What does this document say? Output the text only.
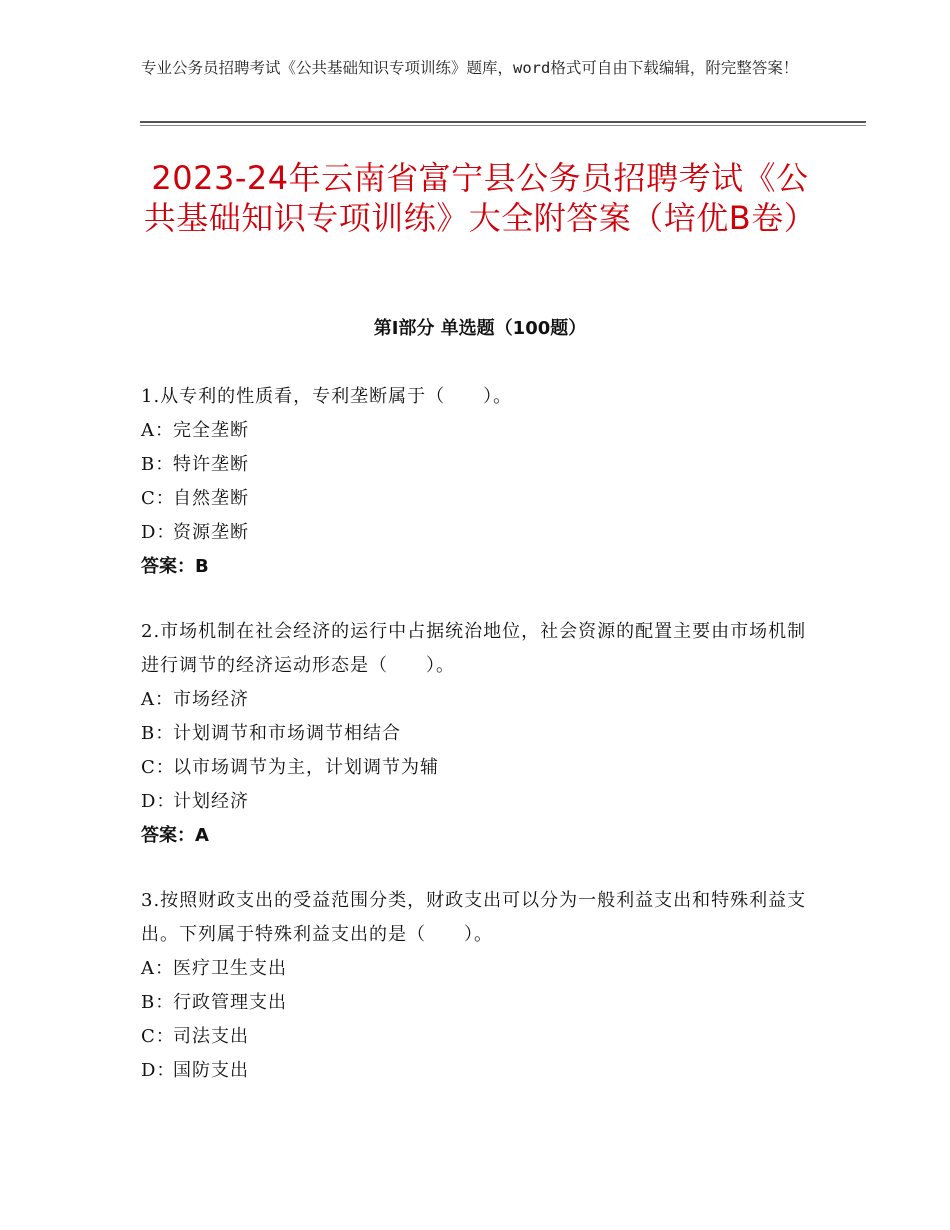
专业公务员招聘考试《公共基础知识专项训练》题库，word格式可自由下载编辑，附完整答案！
2023-24年云南省富宁县公务员招聘考试《公共基础知识专项训练》大全附答案（培优B卷）
第Ⅰ部分 单选题（100题）
1.从专利的性质看，专利垄断属于（　　）。
A：完全垄断
B：特许垄断
C：自然垄断
D：资源垄断
答案：B
2.市场机制在社会经济的运行中占据统治地位，社会资源的配置主要由市场机制进行调节的经济运动形态是（　　）。
A：市场经济
B：计划调节和市场调节相结合
C：以市场调节为主，计划调节为辅
D：计划经济
答案：A
3.按照财政支出的受益范围分类，财政支出可以分为一般利益支出和特殊利益支出。下列属于特殊利益支出的是（　　）。
A：医疗卫生支出
B：行政管理支出
C：司法支出
D：国防支出
